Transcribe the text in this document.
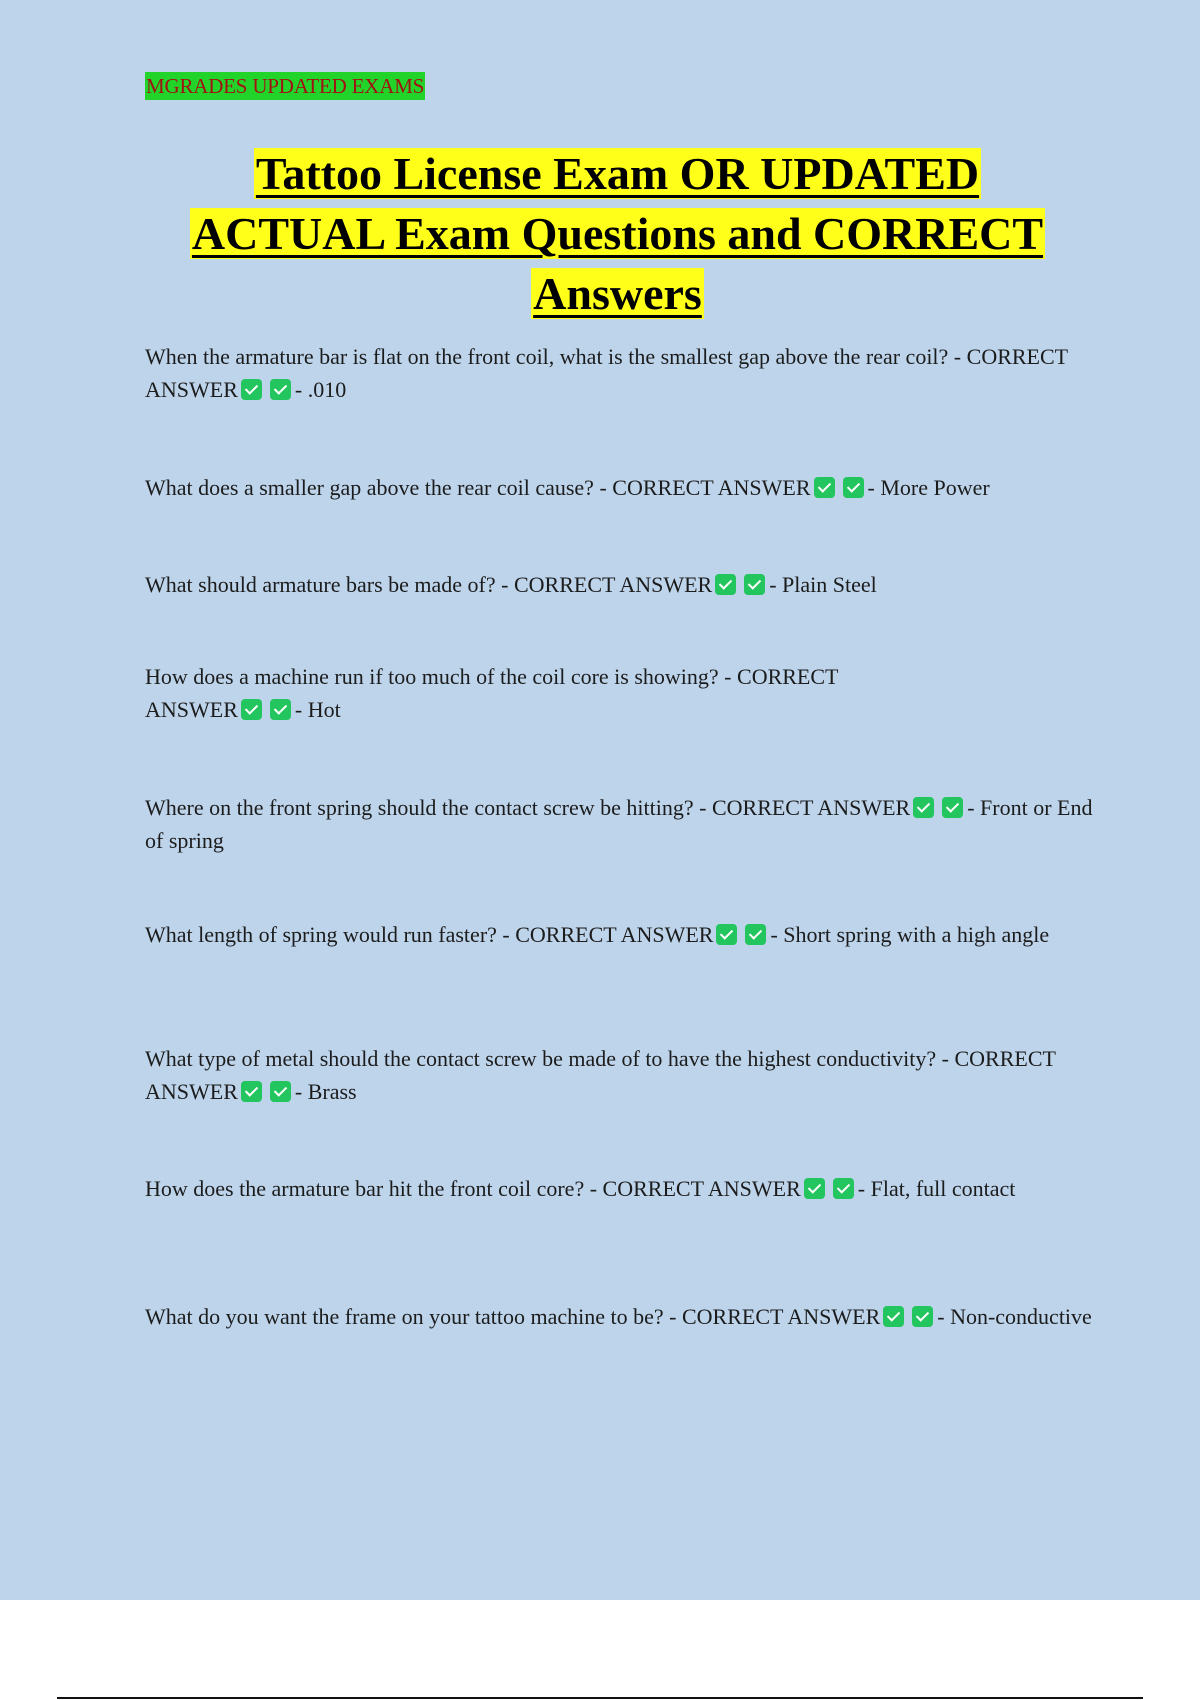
MGRADES UPDATED EXAMS
Tattoo License Exam OR UPDATED
ACTUAL Exam Questions and CORRECT
Answers
When the armature bar is flat on the front coil, what is the smallest gap above the rear coil? - CORRECT ANSWER	- .010
What does a smaller gap above the rear coil cause? - CORRECT ANSWER	- More Power
What should armature bars be made of? - CORRECT ANSWER	- Plain Steel
How does a machine run if too much of the coil core is showing? - CORRECT ANSWER	- Hot
Where on the front spring should the contact screw be hitting? - CORRECT ANSWER	- Front or End of spring
What length of spring would run faster? - CORRECT ANSWER	- Short spring with a high angle
What type of metal should the contact screw be made of to have the highest conductivity? - CORRECT ANSWER	- Brass
How does the armature bar hit the front coil core? - CORRECT ANSWER	- Flat, full contact
What do you want the frame on your tattoo machine to be? - CORRECT ANSWER	- Non-conductive
